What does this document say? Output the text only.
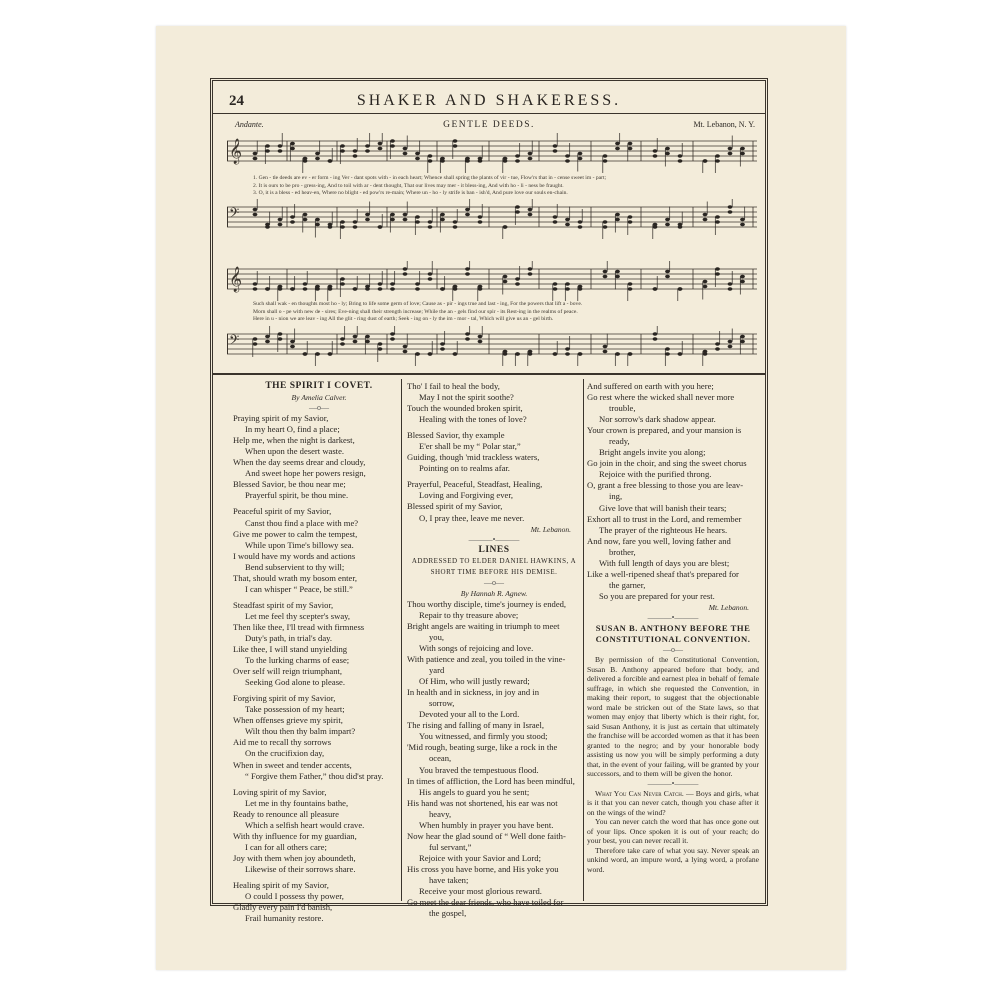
24	SHAKER AND SHAKERESS.
Andante.	GENTLE DEEDS.	Mt. Lebanon, N. Y.
𝄞
1. Gen - tle deeds are ev - er form - ing Ver - dant spots with - in each heart; Whence shall spring the plants of vir - tue, Flow'rs that in - cense sweet im - part;
2. It is ours to be pro - gress-ing, And to toil with ar - dent thought, That our lives may mer - it bless-ing, And with ho - li - ness be fraught.
3. O, it is a bless - ed heav-en, Where no blight - ed pow'rs re-main; Where un - ho - ly strife is ban - ish'd, And pure love our souls en-chain.
𝄢
𝄞
Such shall wak - en thoughts most ho - ly; Bring to life some germ of love; Cause as - pir - ings true and last - ing, For the powers that lift a - bove.
Morn shall o - pe with new de - sires; Eve-ning shall their strength increase; While the an - gels find our spir - its Rest-ing in the realms of peace.
Here in u - nion we are leav - ing All the glit - ring dust of earth; Seek - ing on - ly the im - mor - tal, Which will give us an - gel birth.
𝄢
THE SPIRIT I COVET.
By Amelia Calver.
—o—
Praying spirit of my Savior,
In my heart O, find a place;
Help me, when the night is darkest,
When upon the desert waste.
When the day seems drear and cloudy,
And sweet hope her powers resign,
Blessed Savior, be thou near me;
Prayerful spirit, be thou mine.
Peaceful spirit of my Savior,
Canst thou find a place with me?
Give me power to calm the tempest,
While upon Time's billowy sea.
I would have my words and actions
Bend subservient to thy will;
That, should wrath my bosom enter,
I can whisper “ Peace, be still.”
Steadfast spirit of my Savior,
Let me feel thy scepter's sway,
Then like thee, I'll tread with firmness
Duty's path, in trial's day.
Like thee, I will stand unyielding
To the lurking charms of ease;
Over self will reign triumphant,
Seeking God alone to please.
Forgiving spirit of my Savior,
Take possession of my heart;
When offenses grieve my spirit,
Wilt thou then thy balm impart?
Aid me to recall thy sorrows
On the crucifixion day,
When in sweet and tender accents,
“ Forgive them Father,” thou did'st pray.
Loving spirit of my Savior,
Let me in thy fountains bathe,
Ready to renounce all pleasure
Which a selfish heart would crave.
With thy influence for my guardian,
I can for all others care;
Joy with them when joy aboundeth,
Likewise of their sorrows share.
Healing spirit of my Savior,
O could I possess thy power,
Gladly every pain I'd banish,
Frail humanity restore.
Tho' I fail to heal the body,
May I not the spirit soothe?
Touch the wounded broken spirit,
Healing with the tones of love?
Blessed Savior, thy example
E'er shall be my “ Polar star,”
Guiding, though 'mid trackless waters,
Pointing on to realms afar.
Prayerful, Peaceful, Steadfast, Healing,
Loving and Forgiving ever,
Blessed spirit of my Savior,
O, I pray thee, leave me never.
Mt. Lebanon.
———•———
LINES
ADDRESSED TO ELDER DANIEL HAWKINS, A SHORT TIME BEFORE HIS DEMISE.
—o—
By Hannah R. Agnew.
Thou worthy disciple, time's journey is ended,
Repair to thy treasure above;
Bright angels are waiting in triumph to meet
you,
With songs of rejoicing and love.
With patience and zeal, you toiled in the vine-
yard
Of Him, who will justly reward;
In health and in sickness, in joy and in
sorrow,
Devoted your all to the Lord.
The rising and falling of many in Israel,
You witnessed, and firmly you stood;
'Mid rough, beating surge, like a rock in the
ocean,
You braved the tempestuous flood.
In times of affliction, the Lord has been mindful,
His angels to guard you he sent;
His hand was not shortened, his ear was not
heavy,
When humbly in prayer you have bent.
Now hear the glad sound of “ Well done faith-
ful servant,”
Rejoice with your Savior and Lord;
His cross you have borne, and His yoke you
have taken;
Receive your most glorious reward.
Go meet the dear friends, who have toiled for
the gospel,
And suffered on earth with you here;
Go rest where the wicked shall never more
trouble,
Nor sorrow's dark shadow appear.
Your crown is prepared, and your mansion is
ready,
Bright angels invite you along;
Go join in the choir, and sing the sweet chorus
Rejoice with the purified throng.
O, grant a free blessing to those you are leav-
ing,
Give love that will banish their tears;
Exhort all to trust in the Lord, and remember
The prayer of the righteous He hears.
And now, fare you well, loving father and
brother,
With full length of days you are blest;
Like a well-ripened sheaf that's prepared for
the garner,
So you are prepared for your rest.
Mt. Lebanon.
———•———
SUSAN B. ANTHONY BEFORE THE CONSTITUTIONAL CONVENTION.
—o—
By permission of the Constitutional Convention, Susan B. Anthony appeared before that body, and delivered a forcible and earnest plea in behalf of female suffrage, in which she requested the Convention, in making their report, to suggest that the objectionable word male be stricken out of the State laws, so that women may enjoy that liberty which is their right, for, said Susan Anthony, it is just as certain that ultimately the franchise will be accorded women as that it has been granted to the negro; and by your honorable body assisting us now you will be simply performing a duty that, in the event of your failing, will be granted by your successors, and to them will be given the honor.
———•———
What You Can Never Catch. — Boys and girls, what is it that you can never catch, though you chase after it on the wings of the wind?
You can never catch the word that has once gone out of your lips. Once spoken it is out of your reach; do your best, you can never recall it.
Therefore take care of what you say. Never speak an unkind word, an impure word, a lying word, a profane word.
